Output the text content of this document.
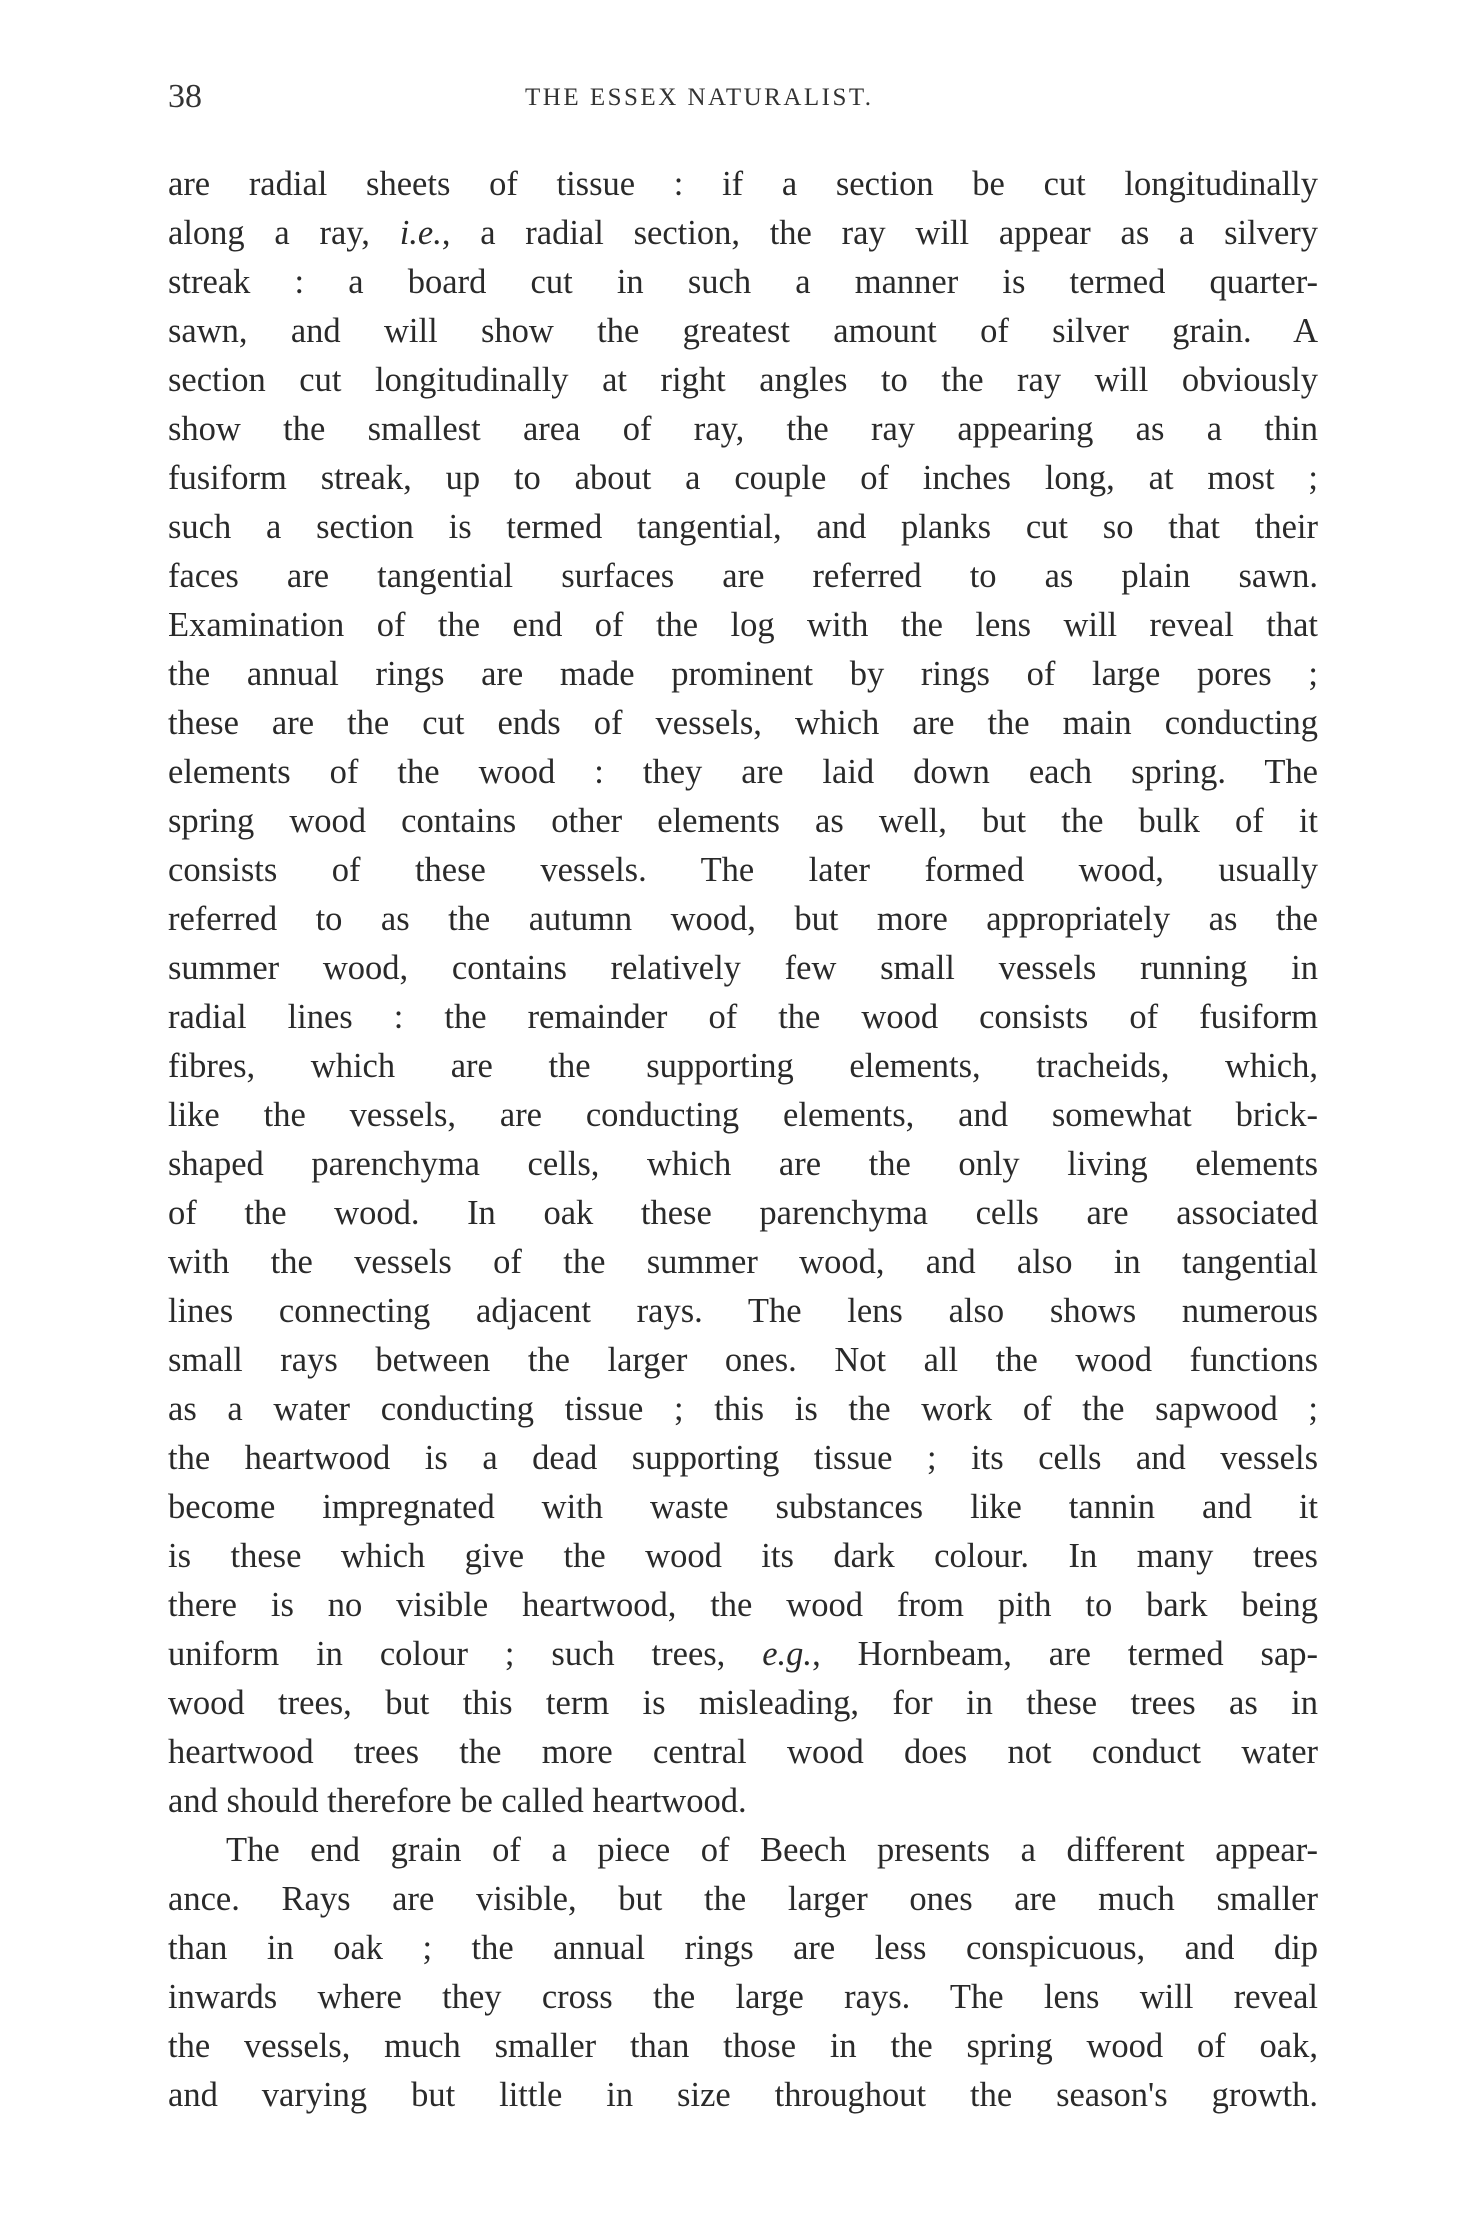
38	THE ESSEX NATURALIST.
are radial sheets of tissue : if a section be cut longitudinally
along a ray, i.e., a radial section, the ray will appear as a silvery
streak : a board cut in such a manner is termed quarter-
sawn, and will show the greatest amount of silver grain. A
section cut longitudinally at right angles to the ray will obviously
show the smallest area of ray, the ray appearing as a thin
fusiform streak, up to about a couple of inches long, at most ;
such a section is termed tangential, and planks cut so that their
faces are tangential surfaces are referred to as plain sawn.
Examination of the end of the log with the lens will reveal that
the annual rings are made prominent by rings of large pores ;
these are the cut ends of vessels, which are the main conducting
elements of the wood : they are laid down each spring. The
spring wood contains other elements as well, but the bulk of it
consists of these vessels. The later formed wood, usually
referred to as the autumn wood, but more appropriately as the
summer wood, contains relatively few small vessels running in
radial lines : the remainder of the wood consists of fusiform
fibres, which are the supporting elements, tracheids, which,
like the vessels, are conducting elements, and somewhat brick-
shaped parenchyma cells, which are the only living elements
of the wood. In oak these parenchyma cells are associated
with the vessels of the summer wood, and also in tangential
lines connecting adjacent rays. The lens also shows numerous
small rays between the larger ones. Not all the wood functions
as a water conducting tissue ; this is the work of the sapwood ;
the heartwood is a dead supporting tissue ; its cells and vessels
become impregnated with waste substances like tannin and it
is these which give the wood its dark colour. In many trees
there is no visible heartwood, the wood from pith to bark being
uniform in colour ; such trees, e.g., Hornbeam, are termed sap-
wood trees, but this term is misleading, for in these trees as in
heartwood trees the more central wood does not conduct water
and should therefore be called heartwood.
The end grain of a piece of Beech presents a different appear-
ance. Rays are visible, but the larger ones are much smaller
than in oak ; the annual rings are less conspicuous, and dip
inwards where they cross the large rays. The lens will reveal
the vessels, much smaller than those in the spring wood of oak,
and varying but little in size throughout the season's growth.
